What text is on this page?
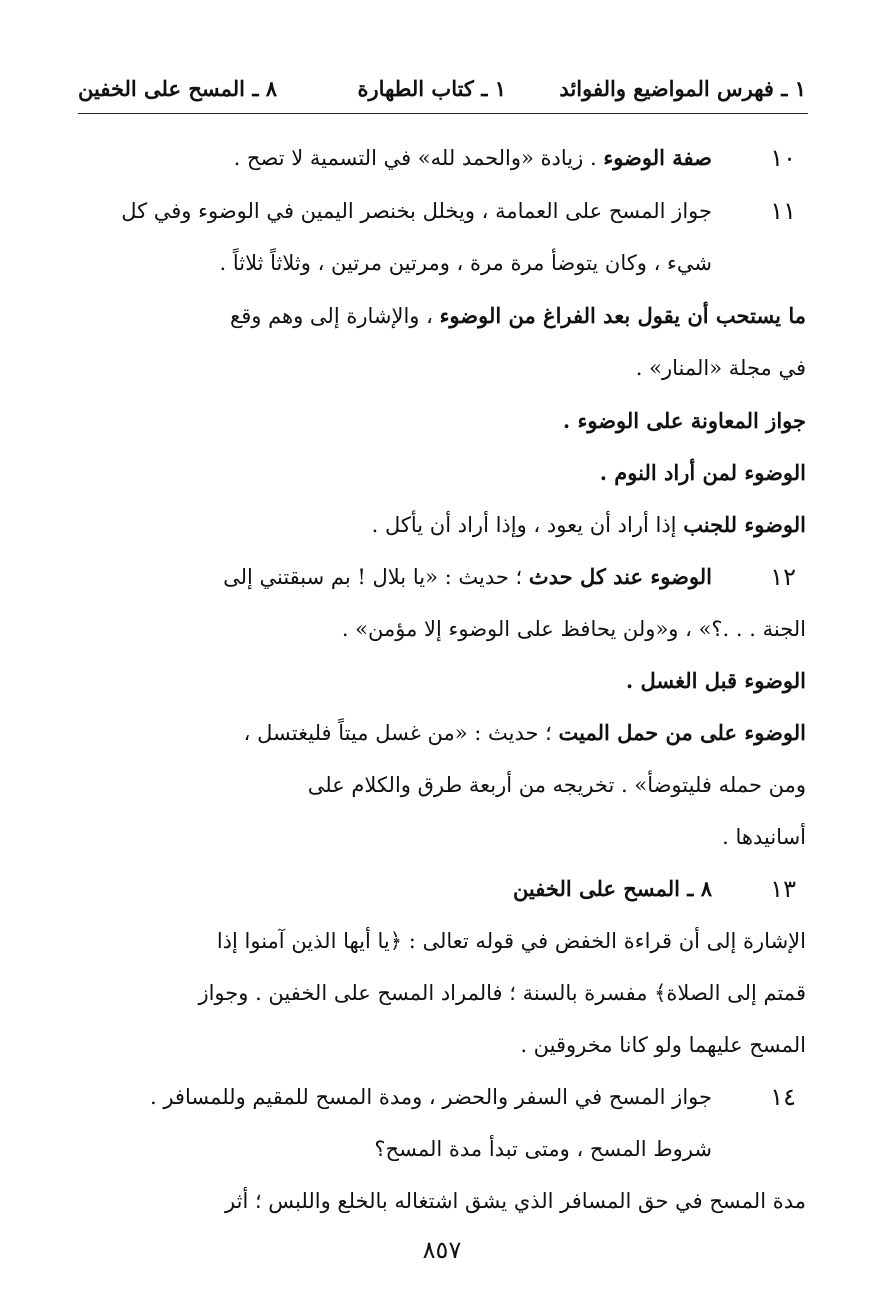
١ ـ فهرس المواضيع والفوائد
١ ـ كتاب الطهارة
٨ ـ المسح على الخفين
١٠
صفة الوضوء . زيادة «والحمد لله» في التسمية لا تصح .
١١
جواز المسح على العمامة ، ويخلل بخنصر اليمين في الوضوء وفي كل
شيء ، وكان يتوضأ مرة مرة ، ومرتين مرتين ، وثلاثاً ثلاثاً .
ما يستحب أن يقول بعد الفراغ من الوضوء ، والإشارة إلى وهم وقع
في مجلة «المنار» .
جواز المعاونة على الوضوء .
الوضوء لمن أراد النوم .
الوضوء للجنب إذا أراد أن يعود ، وإذا أراد أن يأكل .
١٢
الوضوء عند كل حدث ؛ حديث : «يا بلال ! بم سبقتني إلى
الجنة . . .؟» ، و«ولن يحافظ على الوضوء إلا مؤمن» .
الوضوء قبل الغسل .
الوضوء على من حمل الميت ؛ حديث : «من غسل ميتاً فليغتسل ،
ومن حمله فليتوضأ» . تخريجه من أربعة طرق والكلام على
أسانيدها .
١٣
٨ ـ المسح على الخفين
الإشارة إلى أن قراءة الخفض في قوله تعالى : ﴿يا أيها الذين آمنوا إذا
قمتم إلى الصلاة﴾ مفسرة بالسنة ؛ فالمراد المسح على الخفين . وجواز
المسح عليهما ولو كانا مخروقين .
١٤
جواز المسح في السفر والحضر ، ومدة المسح للمقيم وللمسافر .
شروط المسح ، ومتى تبدأ مدة المسح؟
مدة المسح في حق المسافر الذي يشق اشتغاله بالخلع واللبس ؛ أثر
٨٥٧
